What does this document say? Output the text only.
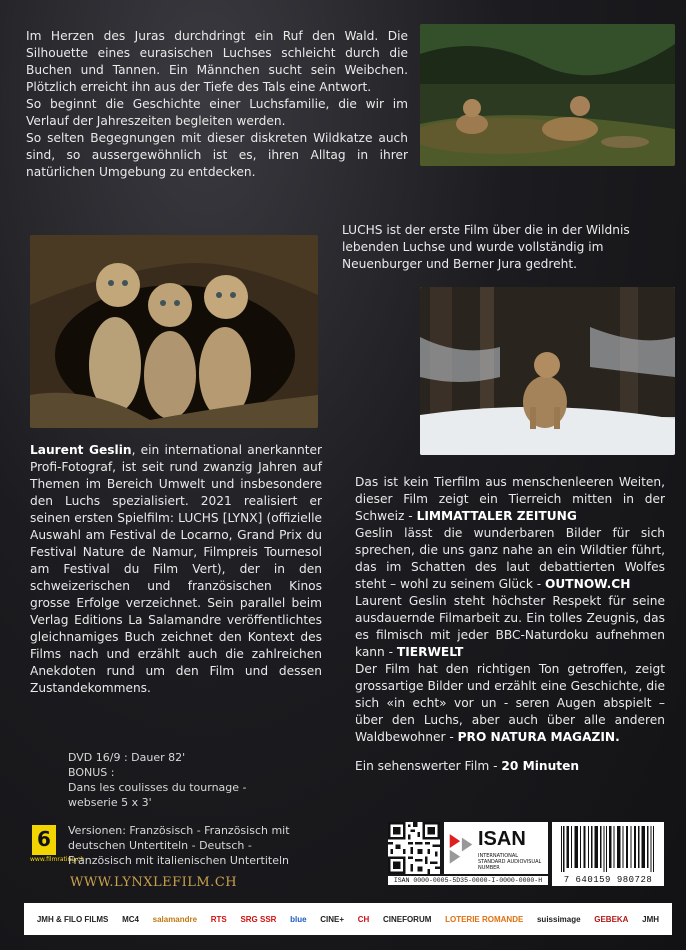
Im Herzen des Juras durchdringt ein Ruf den Wald. Die Silhouette eines eurasischen Luchses schleicht durch die Buchen und Tannen. Ein Männchen sucht sein Weibchen. Plötzlich erreicht ihn aus der Tiefe des Tals eine Antwort.

So beginnt die Geschichte einer Luchsfamilie, die wir im Verlauf der Jahreszeiten begleiten werden.

So selten Begegnungen mit dieser diskreten Wildkatze auch sind, so aussergewöhnlich ist es, ihren Alltag in ihrer natürlichen Umgebung zu entdecken.

LUCHS ist der erste Film über die in der Wildnis lebenden Luchse und wurde vollständig im Neuenburger und Berner Jura gedreht.
Laurent Geslin, ein international anerkannter Profi-Fotograf, ist seit rund zwanzig Jahren auf Themen im Bereich Umwelt und insbesondere den Luchs spezialisiert. 2021 realisiert er seinen ersten Spielfilm: LUCHS [LYNX] (offizielle Auswahl am Festival de Locarno, Grand Prix du Festival Nature de Namur, Filmpreis Tournesol am Festival du Film Vert), der in den schweizerischen und französischen Kinos grosse Erfolge verzeichnet. Sein parallel beim Verlag Editions La Salamandre veröffentlichtes gleichnamiges Buch zeichnet den Kontext des Films nach und erzählt auch die zahlreichen Anekdoten rund um den Film und dessen Zustandekommens.
Das ist kein Tierfilm aus menschenleeren Weiten, dieser Film zeigt ein Tierreich mitten in der Schweiz - LIMMATTALER ZEITUNG
Geslin lässt die wunderbaren Bilder für sich sprechen, die uns ganz nahe an ein Wildtier führt, das im Schatten des laut debattierten Wolfes steht – wohl zu seinem Glück - OUTNOW.CH
Laurent Geslin steht höchster Respekt für seine ausdauernde Filmarbeit zu. Ein tolles Zeugnis, das es filmisch mit jeder BBC-Naturdoku aufnehmen kann - TIERWELT
Der Film hat den richtigen Ton getroffen, zeigt grossartige Bilder und erzählt eine Geschichte, die sich «in echt» vor un - seren Augen abspielt – über den Luchs, aber auch über alle anderen Waldbewohner - PRO NATURA MAGAZIN.
Ein sehenswerter Film - 20 Minuten
DVD 16/9 : Dauer 82'
BONUS :
Dans les coulisses du tournage - webserie 5 x 3'
6
www.filmrating.ch
Versionen: Französisch - Französisch mit deutschen Untertiteln - Deutsch - Französisch mit italienischen Untertiteln
WWW.LYNXLEFILM.CH
ISAN
INTERNATIONAL STANDARD AUDIOVISUAL NUMBER
ISAN 0000-0005-5D35-0000-I-0000-0000-H	7 640159 980728
JMH & FILO FILMS MC4 salamandre RTS SRG SSR blue CINE+ CH CINEFORUM LOTERIE ROMANDE suissimage GEBEKA JMH
